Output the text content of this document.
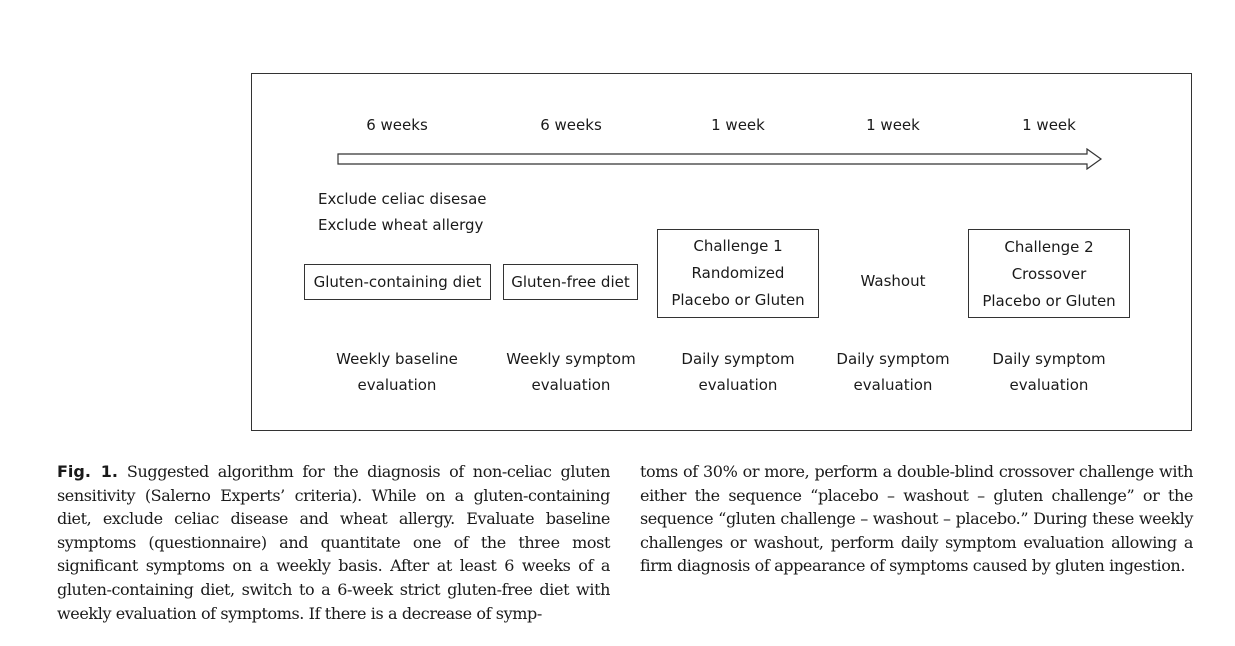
6 weeks	6 weeks	1 week	1 week	1 week
Exclude celiac disesae
Exclude wheat allergy
Gluten-containing diet	Gluten-free diet
Challenge 1
Randomized
Placebo or Gluten
Washout
Challenge 2
Crossover
Placebo or Gluten
Weekly baseline
evaluation
Weekly symptom
evaluation
Daily symptom
evaluation
Daily symptom
evaluation
Daily symptom
evaluation
Fig. 1. Suggested algorithm for the diagnosis of non-celiac gluten sensitivity (Salerno Experts’ criteria). While on a gluten-containing diet, exclude celiac disease and wheat allergy. Evaluate baseline symptoms (questionnaire) and quantitate one of the three most significant symptoms on a weekly basis. After at least 6 weeks of a gluten-containing diet, switch to a 6-week strict gluten-free diet with weekly evaluation of symptoms. If there is a decrease of symp-
toms of 30% or more, perform a double-blind crossover challenge with either the sequence “placebo – washout – gluten challenge” or the sequence “gluten challenge – washout – placebo.” During these weekly challenges or washout, perform daily symptom evaluation allowing a firm diagnosis of appearance of symptoms caused by gluten ingestion.
